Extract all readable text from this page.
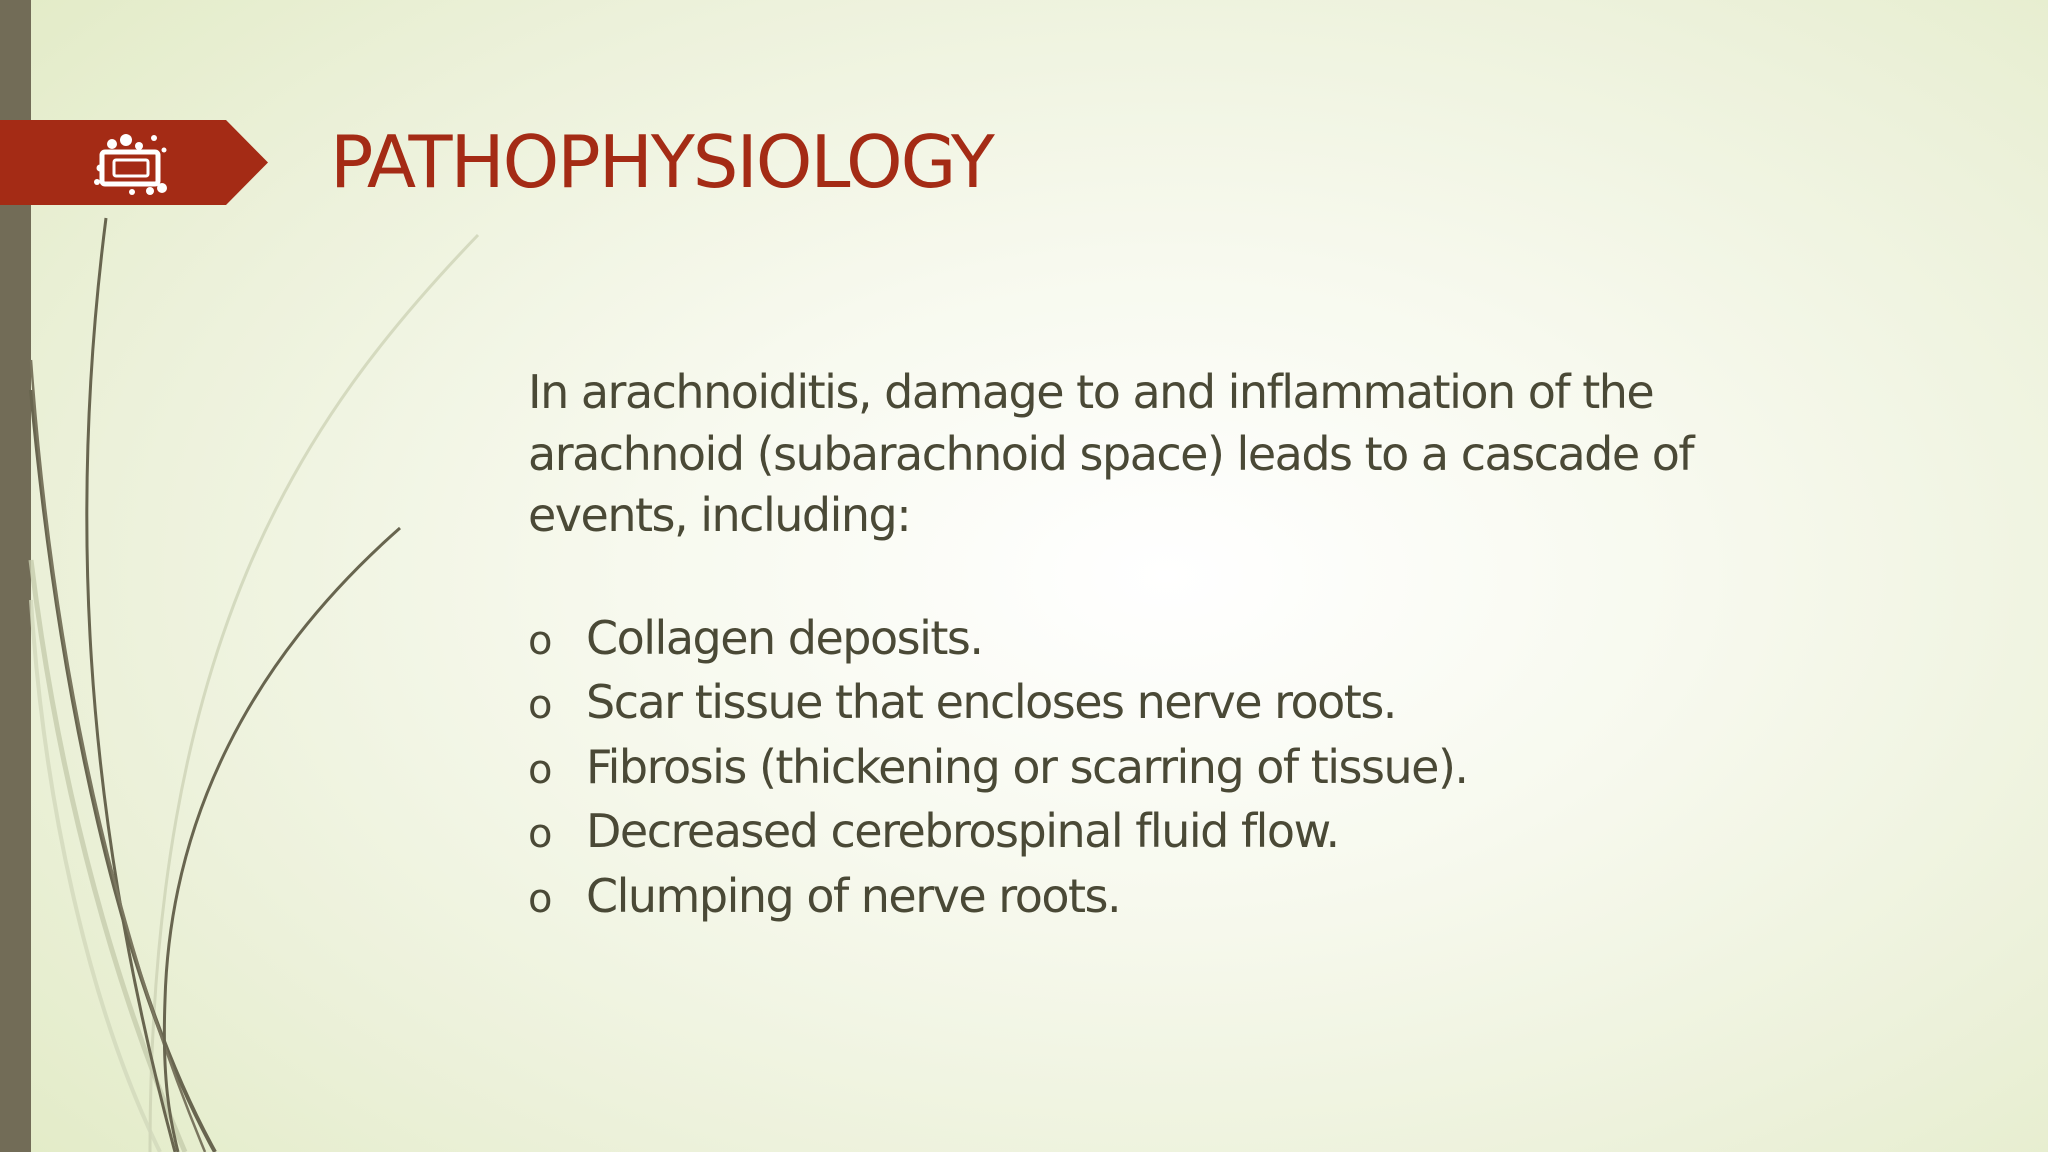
PATHOPHYSIOLOGY

In arachnoiditis, damage to and inflammation of the arachnoid (subarachnoid space) leads to a cascade of events, including:

o Collagen deposits.
o Scar tissue that encloses nerve roots.
o Fibrosis (thickening or scarring of tissue).
o Decreased cerebrospinal fluid flow.
o Clumping of nerve roots.
